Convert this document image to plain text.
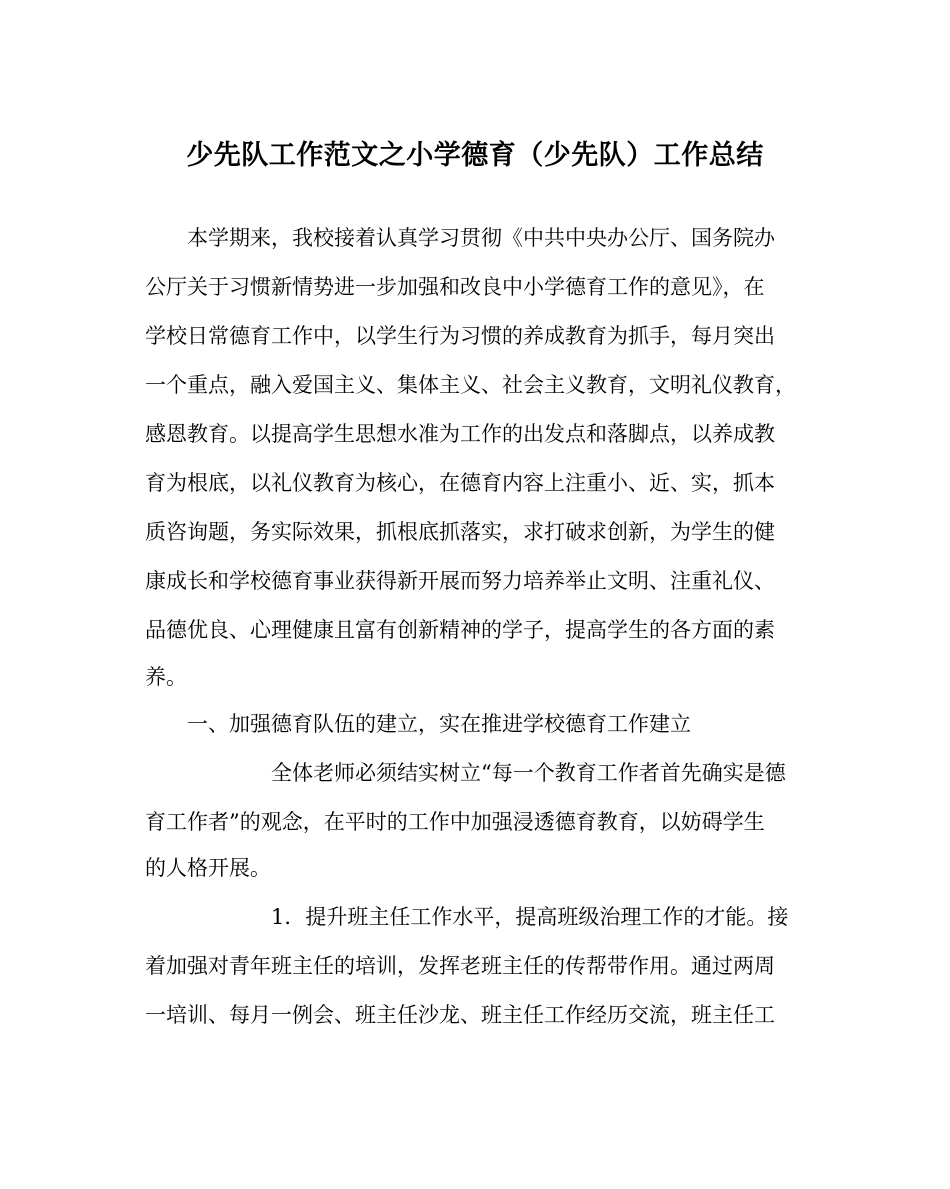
少先队工作范文之小学德育（少先队）工作总结
　　本学期来，我校接着认真学习贯彻《中共中央办公厅、国务院办
公厅关于习惯新情势进一步加强和改良中小学德育工作的意见》，在
学校日常德育工作中，以学生行为习惯的养成教育为抓手，每月突出
一个重点，融入爱国主义、集体主义、社会主义教育，文明礼仪教育，
感恩教育。以提高学生思想水准为工作的出发点和落脚点，以养成教
育为根底，以礼仪教育为核心，在德育内容上注重小、近、实，抓本
质咨询题，务实际效果，抓根底抓落实，求打破求创新，为学生的健
康成长和学校德育事业获得新开展而努力培养举止文明、注重礼仪、
品德优良、心理健康且富有创新精神的学子，提高学生的各方面的素
养。
　　一、加强德育队伍的建立，实在推进学校德育工作建立
　　　　　　全体老师必须结实树立“每一个教育工作者首先确实是德
育工作者”的观念，在平时的工作中加强浸透德育教育，以妨碍学生
的人格开展。
　　　　　　1．提升班主任工作水平，提高班级治理工作的才能。接
着加强对青年班主任的培训，发挥老班主任的传帮带作用。通过两周
一培训、每月一例会、班主任沙龙、班主任工作经历交流，班主任工
